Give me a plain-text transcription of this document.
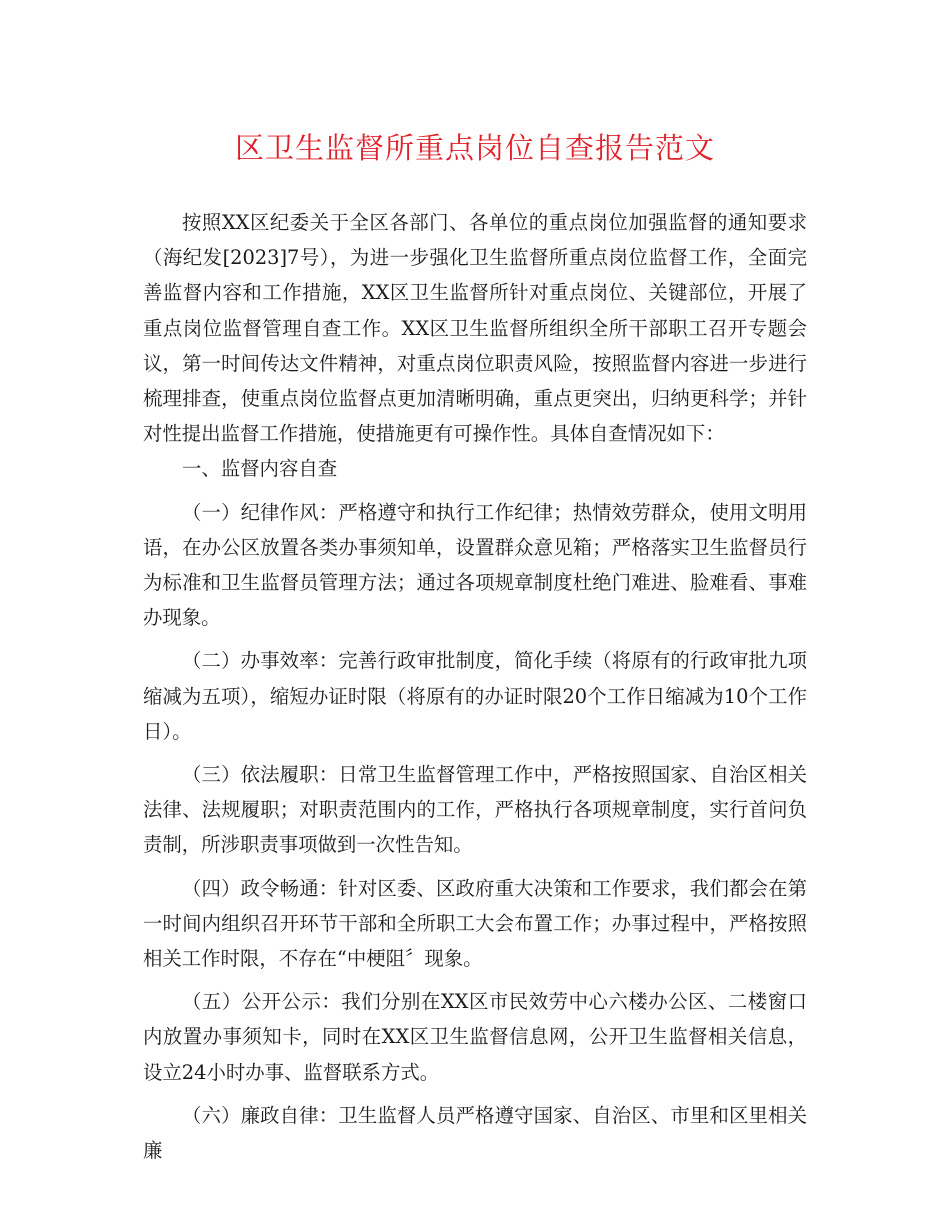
区卫生监督所重点岗位自查报告范文

按照XX区纪委关于全区各部门、各单位的重点岗位加强监督的通知要求（海纪发[2023]7号），为进一步强化卫生监督所重点岗位监督工作，全面完善监督内容和工作措施，XX区卫生监督所针对重点岗位、关键部位，开展了重点岗位监督管理自查工作。XX区卫生监督所组织全所干部职工召开专题会议，第一时间传达文件精神，对重点岗位职责风险，按照监督内容进一步进行梳理排查，使重点岗位监督点更加清晰明确，重点更突出，归纳更科学；并针对性提出监督工作措施，使措施更有可操作性。具体自查情况如下：

一、监督内容自查

（一）纪律作风：严格遵守和执行工作纪律；热情效劳群众，使用文明用语，在办公区放置各类办事须知单，设置群众意见箱；严格落实卫生监督员行为标准和卫生监督员管理方法；通过各项规章制度杜绝门难进、脸难看、事难办现象。

（二）办事效率：完善行政审批制度，简化手续（将原有的行政审批九项缩减为五项），缩短办证时限（将原有的办证时限20个工作日缩减为10个工作日）。

（三）依法履职：日常卫生监督管理工作中，严格按照国家、自治区相关法律、法规履职；对职责范围内的工作，严格执行各项规章制度，实行首问负责制，所涉职责事项做到一次性告知。

（四）政令畅通：针对区委、区政府重大决策和工作要求，我们都会在第一时间内组织召开环节干部和全所职工大会布置工作；办事过程中，严格按照相关工作时限，不存在“中梗阻〞现象。

（五）公开公示：我们分别在XX区市民效劳中心六楼办公区、二楼窗口内放置办事须知卡，同时在XX区卫生监督信息网，公开卫生监督相关信息，设立24小时办事、监督联系方式。

（六）廉政自律：卫生监督人员严格遵守国家、自治区、市里和区里相关廉
